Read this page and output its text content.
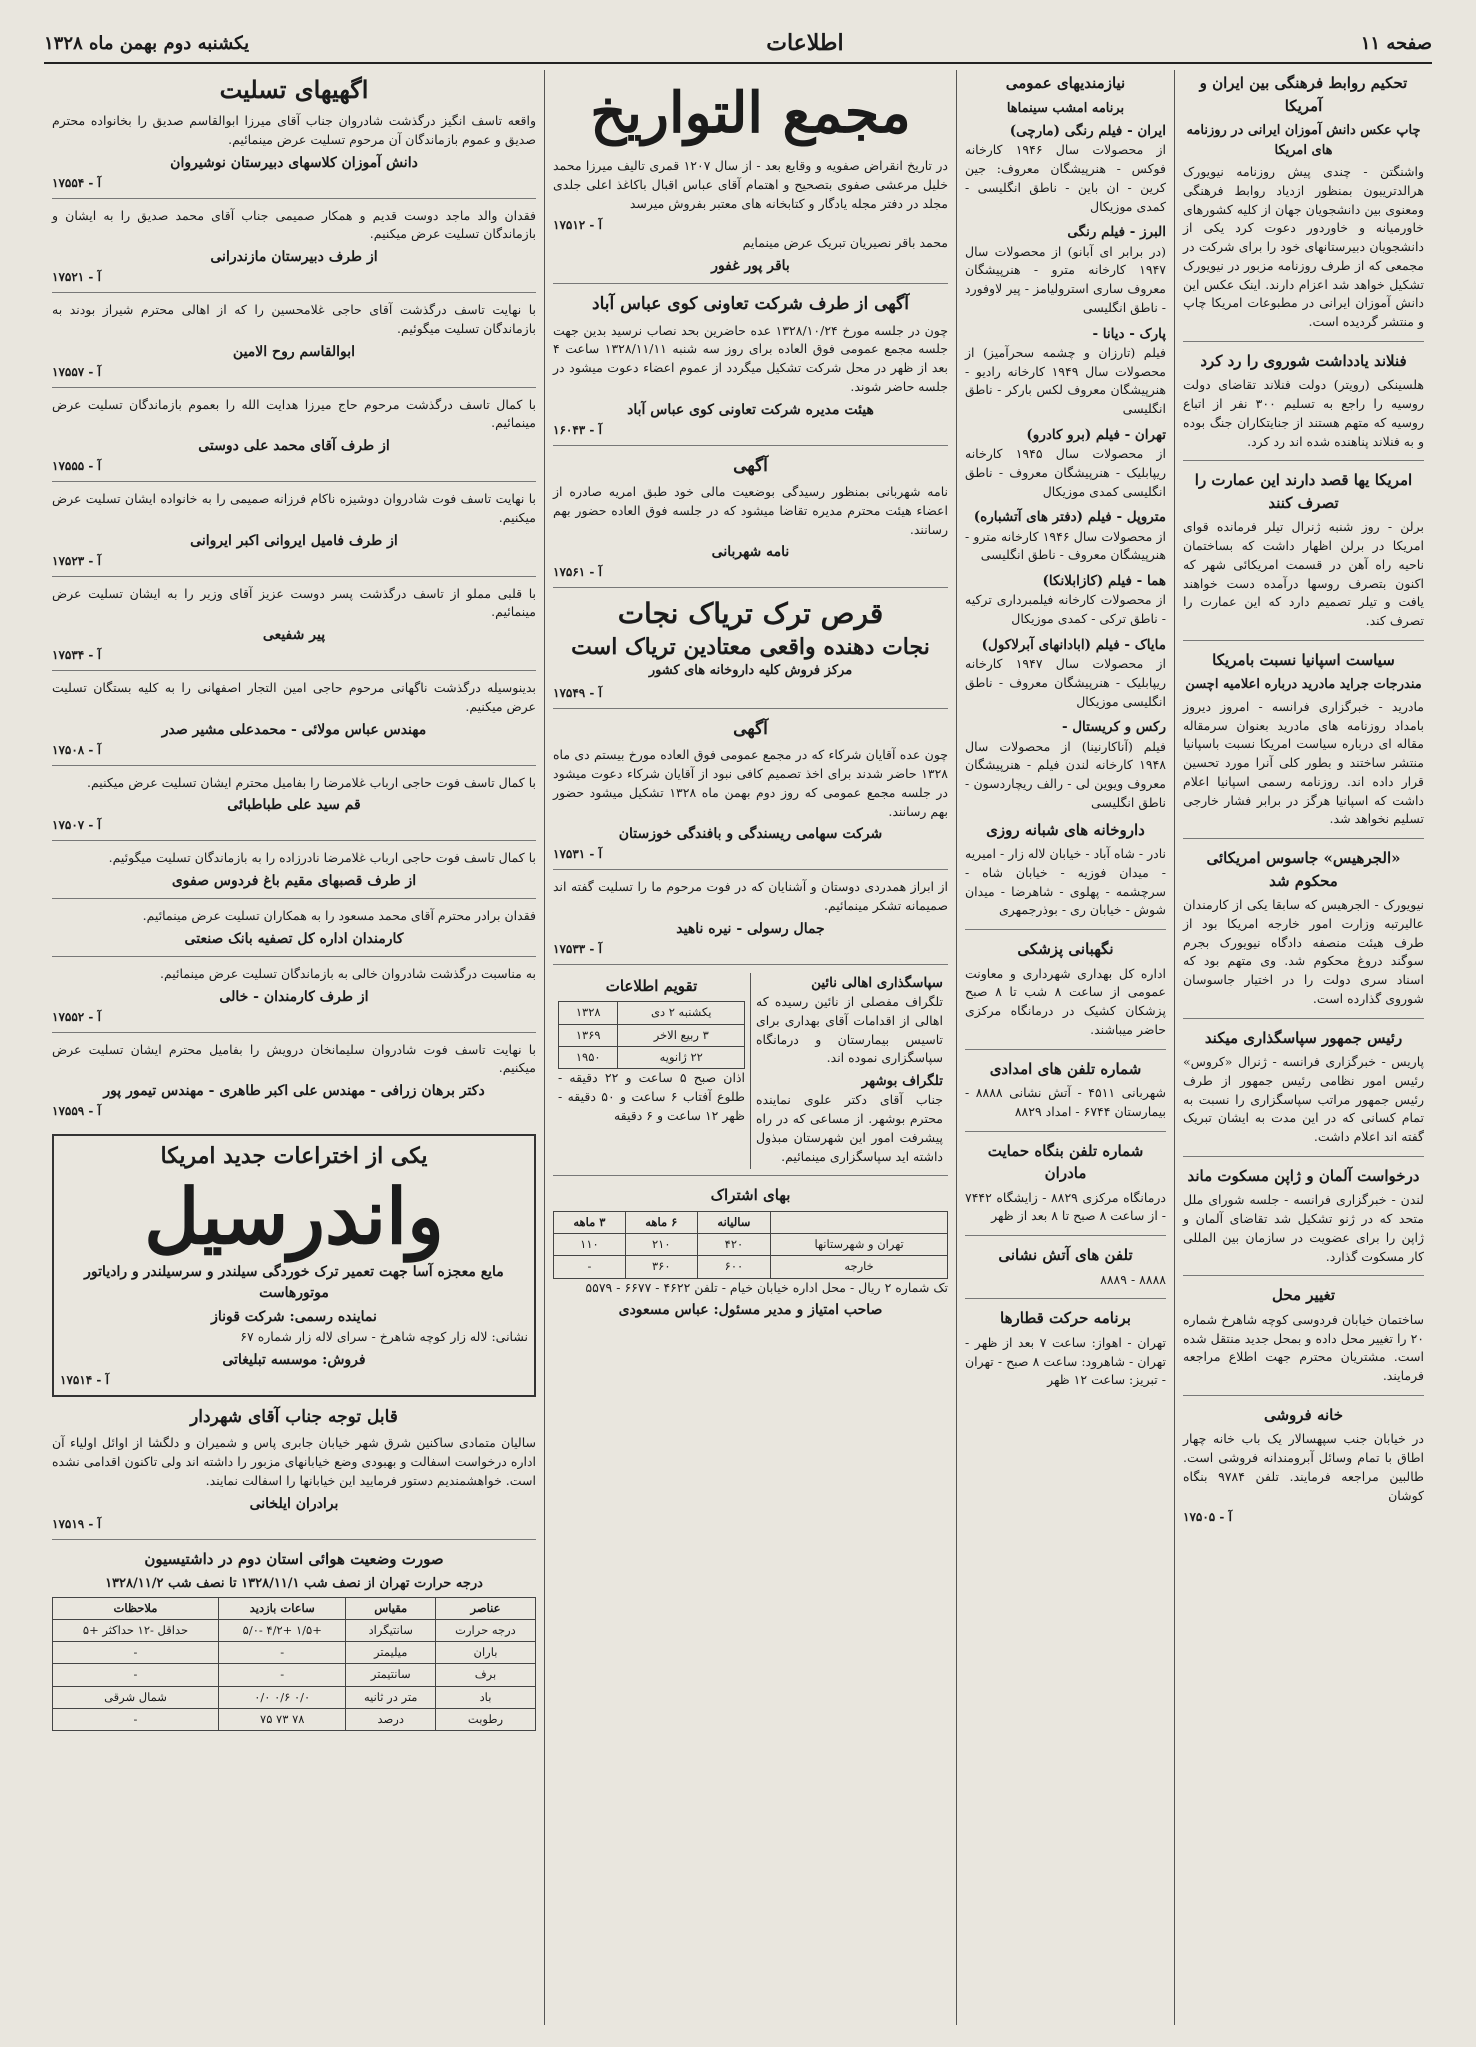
صفحه ۱۱
اطلاعات
یکشنبه دوم بهمن ماه ۱۳۲۸
تحکیم روابط فرهنگی بین ایران و آمریکا
چاپ عکس دانش آموزان ایرانی در روزنامه های امریکا

واشنگتن - چندی پیش روزنامه نیویورک هرالدتریبون بمنظور ازدیاد روابط فرهنگی ومعنوی بین دانشجویان جهان از کلیه کشورهای خاورمیانه و خاوردور دعوت کرد یکی از دانشجویان دبیرستانهای خود را برای شرکت در مجمعی که از طرف روزنامه مزبور در نیویورک تشکیل خواهد شد اعزام دارند. اینک عکس این دانش آموزان ایرانی در مطبوعات امریکا چاپ و منتشر گردیده است.

فنلاند یادداشت شوروی را رد کرد

هلسینکی (رویتر) دولت فنلاند تقاضای دولت روسیه را راجع به تسلیم ۳۰۰ نفر از اتباع روسیه که متهم هستند از جنایتکاران جنگ بوده و به فنلاند پناهنده شده اند رد کرد.

امریکا یها قصد دارند این عمارت را تصرف کنند

برلن - روز شنبه ژنرال تیلر فرمانده قوای امریکا در برلن اظهار داشت که بساختمان ناحیه راه آهن در قسمت امریکائی شهر که اکنون بتصرف روسها درآمده دست خواهند یافت و تیلر تصمیم دارد که این عمارت را تصرف کند.

سیاست اسپانیا نسبت بامریکا
مندرجات جراید مادرید درباره اعلامیه اچسن

مادرید - خبرگزاری فرانسه - امروز دیروز بامداد روزنامه های مادرید بعنوان سرمقاله مقاله ای درباره سیاست امریکا نسبت باسپانیا منتشر ساختند و بطور کلی آنرا مورد تحسین قرار داده اند. روزنامه رسمی اسپانیا اعلام داشت که اسپانیا هرگز در برابر فشار خارجی تسلیم نخواهد شد.

«الجرهیس» جاسوس امریکائی محکوم شد

نیویورک - الجرهیس که سابقا یکی از کارمندان عالیرتبه وزارت امور خارجه امریکا بود از طرف هیئت منصفه دادگاه نیویورک بجرم سوگند دروغ محکوم شد. وی متهم بود که اسناد سری دولت را در اختیار جاسوسان شوروی گذارده است.

رئیس جمهور سپاسگذاری میکند

پاریس - خبرگزاری فرانسه - ژنرال «کروس» رئیس امور نظامی رئیس جمهور از طرف رئیس جمهور مراتب سپاسگزاری را نسبت به تمام کسانی که در این مدت به ایشان تبریک گفته اند اعلام داشت.

درخواست آلمان و ژاپن مسکوت ماند

لندن - خبرگزاری فرانسه - جلسه شورای ملل متحد که در ژنو تشکیل شد تقاضای آلمان و ژاپن را برای عضویت در سازمان بین المللی کار مسکوت گذارد.

تغییر محل

ساختمان خیابان فردوسی کوچه شاهرخ شماره ۲۰ را تغییر محل داده و بمحل جدید منتقل شده است. مشتریان محترم جهت اطلاع مراجعه فرمایند.

خانه فروشی

در خیابان جنب سپهسالار یک باب خانه چهار اطاق با تمام وسائل آبرومندانه فروشی است. طالبین مراجعه فرمایند. تلفن ۹۷۸۴ بنگاه کوشان

آ - ۱۷۵۰۵
نیازمندیهای عمومی
برنامه امشب سینماها
ایران - فیلم رنگی (مارچی)

از محصولات سال ۱۹۴۶ کارخانه فوکس - هنرپیشگان معروف: جین کرین - ان باین - ناطق انگلیسی - کمدی موزیکال

البرز - فیلم رنگی

(در برابر ای آبانو) از محصولات سال ۱۹۴۷ کارخانه مترو - هنرپیشگان معروف ساری استرولیامز - پیر لاوفورد - ناطق انگلیسی

پارک - دیانا -

فیلم (تارزان و چشمه سحرآمیز) از محصولات سال ۱۹۴۹ کارخانه رادیو - هنرپیشگان معروف لکس بارکر - ناطق انگلیسی

تهران - فیلم (برو کادرو)

از محصولات سال ۱۹۴۵ کارخانه ریپابلیک - هنرپیشگان معروف - ناطق انگلیسی کمدی موزیکال

متروپل - فیلم (دفتر های آتشباره)

از محصولات سال ۱۹۴۶ کارخانه مترو - هنرپیشگان معروف - ناطق انگلیسی

هما - فیلم (کازابلانکا)

از محصولات کارخانه فیلمبرداری ترکیه - ناطق ترکی - کمدی موزیکال

مایاک - فیلم (ابادانهای آبرلاکول)

از محصولات سال ۱۹۴۷ کارخانه ریپابلیک - هنرپیشگان معروف - ناطق انگلیسی موزیکال

رکس و کریستال -

فیلم (آناکارنینا) از محصولات سال ۱۹۴۸ کارخانه لندن فیلم - هنرپیشگان معروف ویوین لی - رالف ریچاردسون - ناطق انگلیسی

داروخانه های شبانه روزی

نادر - شاه آباد - خیابان لاله زار - امیریه - میدان فوزیه - خیابان شاه - سرچشمه - پهلوی - شاهرضا - میدان شوش - خیابان ری - بوذرجمهری

نگهبانی پزشکی

اداره کل بهداری شهرداری و معاونت عمومی از ساعت ۸ شب تا ۸ صبح پزشکان کشیک در درمانگاه مرکزی حاضر میباشند.

شماره تلفن های امدادی

شهربانی ۴۵۱۱ - آتش نشانی ۸۸۸۸ - بیمارستان ۶۷۴۴ - امداد ۸۸۲۹

شماره تلفن بنگاه حمایت مادران

درمانگاه مرکزی ۸۸۲۹ - زایشگاه ۷۴۴۲ - از ساعت ۸ صبح تا ۸ بعد از ظهر

تلفن های آتش نشانی

۸۸۸۸ - ۸۸۸۹

برنامه حرکت قطارها

تهران - اهواز: ساعت ۷ بعد از ظهر - تهران - شاهرود: ساعت ۸ صبح - تهران - تبریز: ساعت ۱۲ ظهر

مجمع التواریخ

در تاریخ انقراض صفویه و وقایع بعد - از سال ۱۲۰۷ قمری تالیف میرزا محمد خلیل مرعشی صفوی بتصحیح و اهتمام آقای عباس اقبال باکاغذ اعلی جلدی مجلد در دفتر مجله یادگار و کتابخانه های معتبر بفروش میرسد

آ - ۱۷۵۱۲

محمد باقر نصیریان تبریک عرض مینمایم

باقر پور غفور
آگهی از طرف شرکت تعاونی کوی عباس آباد

چون در جلسه مورخ ۱۳۲۸/۱۰/۲۴ عده حاضرین بحد نصاب نرسید بدین جهت جلسه مجمع عمومی فوق العاده برای روز سه شنبه ۱۳۲۸/۱۱/۱۱ ساعت ۴ بعد از ظهر در محل شرکت تشکیل میگردد از عموم اعضاء دعوت میشود در جلسه حاضر شوند.

هیئت مدیره شرکت تعاونی کوی عباس آباد
آ - ۱۶۰۴۳
آگهی

نامه شهربانی بمنظور رسیدگی بوضعیت مالی خود طبق امریه صادره از اعضاء هیئت محترم مدیره تقاضا میشود که در جلسه فوق العاده حضور بهم رسانند.

نامه شهربانی
آ - ۱۷۵۶۱
قرص ترک تریاک نجات
نجات دهنده واقعی معتادین تریاک است
مرکز فروش کلیه داروخانه های کشور
آ - ۱۷۵۴۹
آگهی

چون عده آقایان شرکاء که در مجمع عمومی فوق العاده مورخ بیستم دی ماه ۱۳۲۸ حاضر شدند برای اخذ تصمیم کافی نبود از آقایان شرکاء دعوت میشود در جلسه مجمع عمومی که روز دوم بهمن ماه ۱۳۲۸ تشکیل میشود حضور بهم رسانند.

شرکت سهامی ریسندگی و بافندگی خوزستان
آ - ۱۷۵۳۱

از ابراز همدردی دوستان و آشنایان که در فوت مرحوم ما را تسلیت گفته اند صمیمانه تشکر مینمائیم.

جمال رسولی - نیره ناهید
آ - ۱۷۵۳۳
سپاسگذاری اهالی نائین

تلگراف مفصلی از نائین رسیده که اهالی از اقدامات آقای بهداری برای تاسیس بیمارستان و درمانگاه سپاسگزاری نموده اند.

تلگراف بوشهر

جناب آقای دکتر علوی نماینده محترم بوشهر. از مساعی که در راه پیشرفت امور این شهرستان مبذول داشته اید سپاسگزاری مینمائیم.

تقویم اطلاعات
یکشنبه ۲ دی	۱۳۲۸
۳ ربیع الاخر	۱۳۶۹
۲۲ ژانویه	۱۹۵۰

اذان صبح ۵ ساعت و ۲۲ دقیقه - طلوع آفتاب ۶ ساعت و ۵۰ دقیقه - ظهر ۱۲ ساعت و ۶ دقیقه

بهای اشتراک
	سالیانه	۶ ماهه	۳ ماهه
تهران و شهرستانها	۴۲۰	۲۱۰	۱۱۰
خارجه	۶۰۰	۳۶۰	-

تک شماره ۲ ریال - محل اداره خیابان خیام - تلفن ۴۶۲۲ - ۶۶۷۷ - ۵۵۷۹

صاحب امتیاز و مدیر مسئول: عباس مسعودی
اگهیهای تسلیت

واقعه تاسف انگیز درگذشت شادروان جناب آقای میرزا ابوالقاسم صدیق را بخانواده محترم صدیق و عموم بازماندگان آن مرحوم تسلیت عرض مینمائیم.

دانش آموزان کلاسهای دبیرستان نوشیروان
آ - ۱۷۵۵۴

فقدان والد ماجد دوست قدیم و همکار صمیمی جناب آقای محمد صدیق را به ایشان و بازماندگان تسلیت عرض میکنیم.

از طرف دبیرستان مازندرانی
آ - ۱۷۵۲۱

با نهایت تاسف درگذشت آقای حاجی غلامحسین را که از اهالی محترم شیراز بودند به بازماندگان تسلیت میگوئیم.

ابوالقاسم روح الامین
آ - ۱۷۵۵۷

با کمال تاسف درگذشت مرحوم حاج میرزا هدایت الله را بعموم بازماندگان تسلیت عرض مینمائیم.

از طرف آقای محمد علی دوستی
آ - ۱۷۵۵۵

با نهایت تاسف فوت شادروان دوشیزه ناکام فرزانه صمیمی را به خانواده ایشان تسلیت عرض میکنیم.

از طرف فامیل ایروانی اکبر ایروانی
آ - ۱۷۵۲۳

با قلبی مملو از تاسف درگذشت پسر دوست عزیز آقای وزیر را به ایشان تسلیت عرض مینمائیم.

پیر شفیعی
آ - ۱۷۵۳۴

بدینوسیله درگذشت ناگهانی مرحوم حاجی امین التجار اصفهانی را به کلیه بستگان تسلیت عرض میکنیم.

مهندس عباس مولائی - محمدعلی مشیر صدر
آ - ۱۷۵۰۸

با کمال تاسف فوت حاجی ارباب غلامرضا را بفامیل محترم ایشان تسلیت عرض میکنیم.

قم سید علی طباطبائی
آ - ۱۷۵۰۷

با کمال تاسف فوت حاجی ارباب غلامرضا نادرزاده را به بازماندگان تسلیت میگوئیم.

از طرف قصبهای مقیم باغ فردوس صفوی

فقدان برادر محترم آقای محمد مسعود را به همکاران تسلیت عرض مینمائیم.

کارمندان اداره کل تصفیه بانک صنعتی

به مناسبت درگذشت شادروان خالی به بازماندگان تسلیت عرض مینمائیم.

از طرف کارمندان - خالی
آ - ۱۷۵۵۲

با نهایت تاسف فوت شادروان سلیمانخان درویش را بفامیل محترم ایشان تسلیت عرض میکنیم.

دکتر برهان زرافی - مهندس علی اکبر طاهری - مهندس تیمور پور
آ - ۱۷۵۵۹
یکی از اختراعات جدید امریکا
واندرسیل

مایع معجزه آسا جهت تعمیر ترک خوردگی سیلندر و سرسیلندر و رادیاتور موتورهاست

نماینده رسمی: شرکت قوناز

نشانی: لاله زار کوچه شاهرخ - سرای لاله زار شماره ۶۷

فروش: موسسه تبلیغاتی
آ - ۱۷۵۱۴
قابل توجه جناب آقای شهردار

سالیان متمادی ساکنین شرق شهر خیابان جابری پاس و شمیران و دلگشا از اوائل اولیاء آن اداره درخواست اسفالت و بهبودی وضع خیابانهای مزبور را داشته اند ولی تاکنون اقدامی نشده است. خواهشمندیم دستور فرمایید این خیابانها را اسفالت نمایند.

برادران ایلخانی
آ - ۱۷۵۱۹
صورت وضعیت هوائی استان دوم در داشتیسیون
درجه حرارت تهران از نصف شب ۱۳۲۸/۱۱/۱ تا نصف شب ۱۳۲۸/۱۱/۲
عناصر	مقیاس	ساعات بازدید	ملاحظات
درجه حرارت	سانتیگراد	+۱/۵ +۴/۲ -۵/۰	حداقل -۱۲ حداکثر +۵
باران	میلیمتر	-	-
برف	سانتیمتر	-	-
باد	متر در ثانیه	۰/۰ ۰/۶ ۰/۰	شمال شرقی
رطوبت	درصد	۷۸ ۷۳ ۷۵	-
